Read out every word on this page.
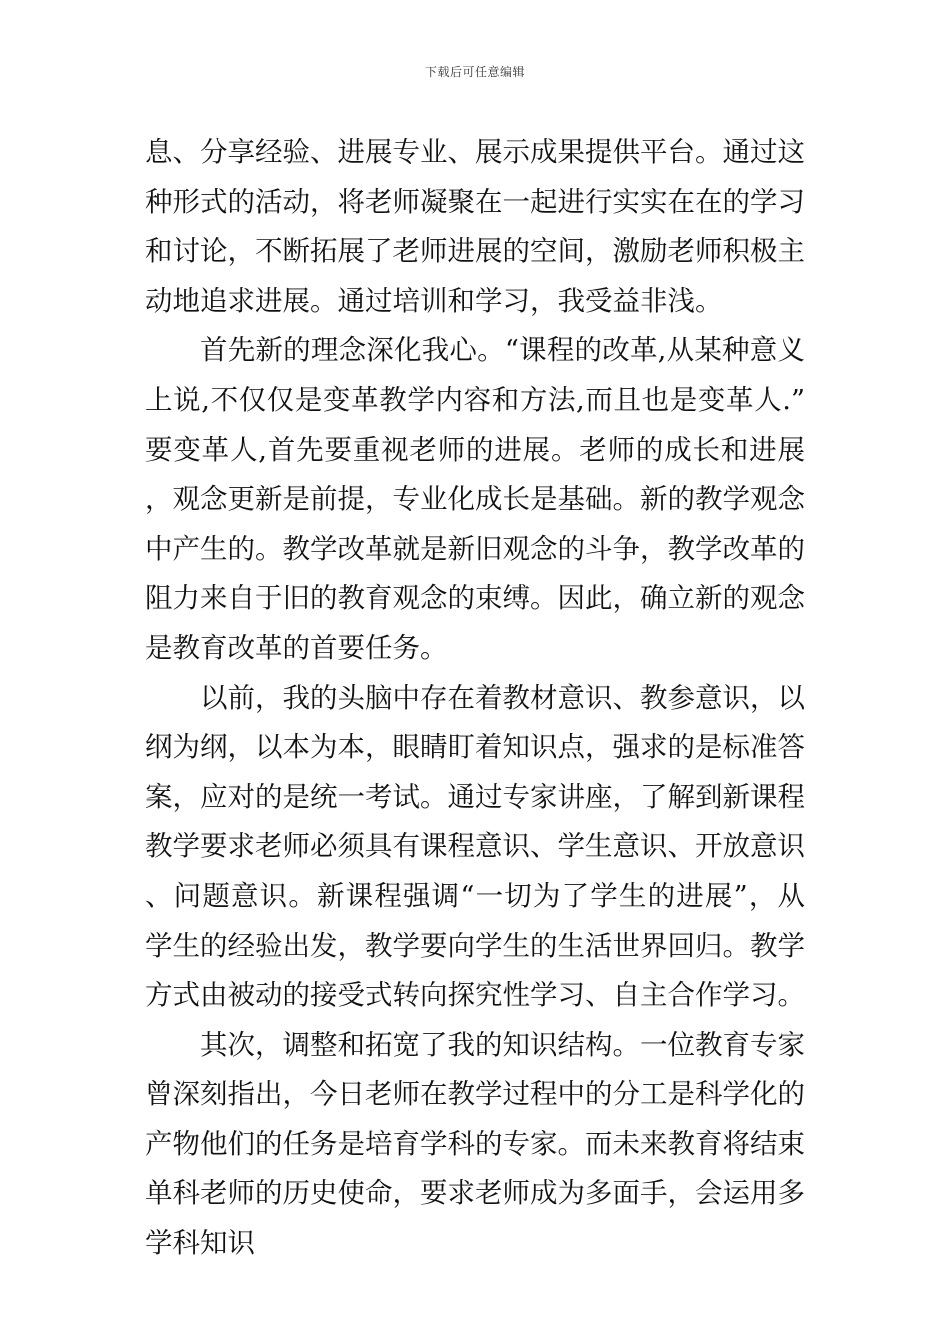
下载后可任意编辑

息、分享经验、进展专业、展示成果提供平台。通过这种形式的活动，将老师凝聚在一起进行实实在在的学习和讨论，不断拓展了老师进展的空间，激励老师积极主动地追求进展。通过培训和学习，我受益非浅。

首先新的理念深化我心。“课程的改革,从某种意义上说,不仅仅是变革教学内容和方法,而且也是变革人.”要变革人,首先要重视老师的进展。老师的成长和进展，观念更新是前提，专业化成长是基础。新的教学观念中产生的。教学改革就是新旧观念的斗争，教学改革的阻力来自于旧的教育观念的束缚。因此，确立新的观念是教育改革的首要任务。

以前，我的头脑中存在着教材意识、教参意识，以纲为纲，以本为本，眼睛盯着知识点，强求的是标准答案，应对的是统一考试。通过专家讲座，了解到新课程教学要求老师必须具有课程意识、学生意识、开放意识、问题意识。新课程强调“一切为了学生的进展”，从学生的经验出发，教学要向学生的生活世界回归。教学方式由被动的接受式转向探究性学习、自主合作学习。

其次，调整和拓宽了我的知识结构。一位教育专家曾深刻指出，今日老师在教学过程中的分工是科学化的产物他们的任务是培育学科的专家。而未来教育将结束单科老师的历史使命，要求老师成为多面手，会运用多学科知识
